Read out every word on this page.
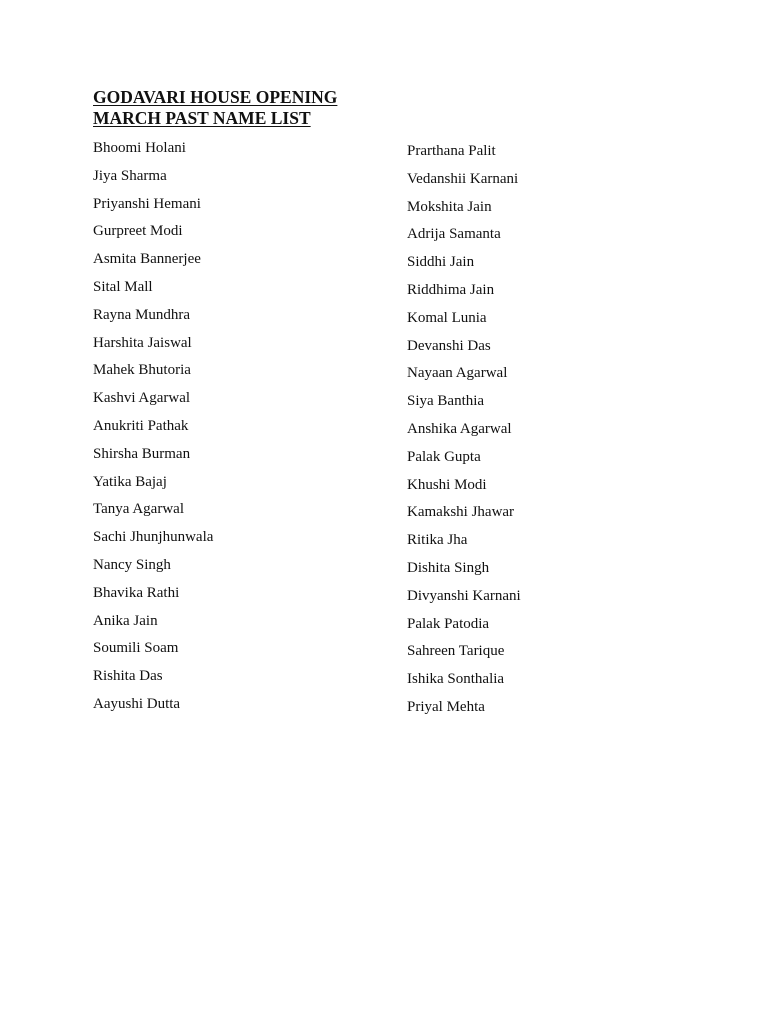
GODAVARI HOUSE OPENING
MARCH PAST NAME LIST
Bhoomi Holani
Jiya Sharma
Priyanshi Hemani
Gurpreet Modi
Asmita Bannerjee
Sital Mall
Rayna Mundhra
Harshita Jaiswal
Mahek Bhutoria
Kashvi Agarwal
Anukriti Pathak
Shirsha Burman
Yatika Bajaj
Tanya Agarwal
Sachi Jhunjhunwala
Nancy Singh
Bhavika Rathi
Anika Jain
Soumili Soam
Rishita Das
Aayushi Dutta
Prarthana Palit
Vedanshii Karnani
Mokshita Jain
Adrija Samanta
Siddhi Jain
Riddhima Jain
Komal Lunia
Devanshi Das
Nayaan Agarwal
Siya Banthia
Anshika Agarwal
Palak Gupta
Khushi Modi
Kamakshi Jhawar
Ritika Jha
Dishita Singh
Divyanshi Karnani
Palak Patodia
Sahreen Tarique
Ishika Sonthalia
Priyal Mehta
